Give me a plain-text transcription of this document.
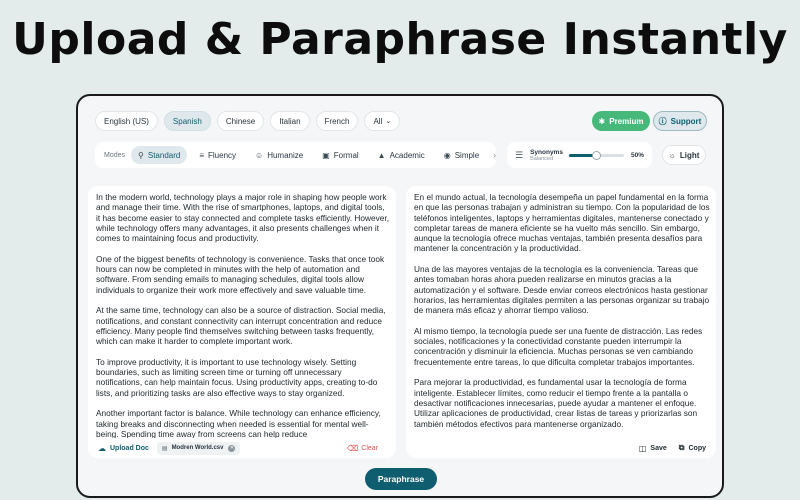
Upload & Paraphrase Instantly
English (US)	Spanish	Chinese	Italian	French	All ⌄	✱ Premium ⓘ Support
Modes ⚲ Standard ≡ Fluency ☺ Humanize ▣ Formal ▲ Academic ◉ Simple › ☰ Synonyms
Balanced	50%	☼ Light

In the modern world, technology plays a major role in shaping how people work and manage their time. With the rise of smartphones, laptops, and digital tools, it has become easier to stay connected and complete tasks efficiently. However, while technology offers many advantages, it also presents challenges when it comes to maintaining focus and productivity.

One of the biggest benefits of technology is convenience. Tasks that once took hours can now be completed in minutes with the help of automation and software. From sending emails to managing schedules, digital tools allow individuals to organize their work more effectively and save valuable time.

At the same time, technology can also be a source of distraction. Social media, notifications, and constant connectivity can interrupt concentration and reduce efficiency. Many people find themselves switching between tasks frequently, which can make it harder to complete important work.

To improve productivity, it is important to use technology wisely. Setting boundaries, such as limiting screen time or turning off unnecessary notifications, can help maintain focus. Using productivity apps, creating to-do lists, and prioritizing tasks are also effective ways to stay organized.

Another important factor is balance. While technology can enhance efficiency, taking breaks and disconnecting when needed is essential for mental well-being. Spending time away from screens can help reduce

☁ Upload Doc ▤ Modren World.csv ✕	⌫ Clear

En el mundo actual, la tecnología desempeña un papel fundamental en la forma en que las personas trabajan y administran su tiempo. Con la popularidad de los teléfonos inteligentes, laptops y herramientas digitales, mantenerse conectado y completar tareas de manera eficiente se ha vuelto más sencillo. Sin embargo, aunque la tecnología ofrece muchas ventajas, también presenta desafíos para mantener la concentración y la productividad.

Una de las mayores ventajas de la tecnología es la conveniencia. Tareas que antes tomaban horas ahora pueden realizarse en minutos gracias a la automatización y el software. Desde enviar correos electrónicos hasta gestionar horarios, las herramientas digitales permiten a las personas organizar su trabajo de manera más eficaz y ahorrar tiempo valioso.

Al mismo tiempo, la tecnología puede ser una fuente de distracción. Las redes sociales, notificaciones y la conectividad constante pueden interrumpir la concentración y disminuir la eficiencia. Muchas personas se ven cambiando frecuentemente entre tareas, lo que dificulta completar trabajos importantes.

Para mejorar la productividad, es fundamental usar la tecnología de forma inteligente. Establecer límites, como reducir el tiempo frente a la pantalla o desactivar notificaciones innecesarias, puede ayudar a mantener el enfoque. Utilizar aplicaciones de productividad, crear listas de tareas y priorizarlas son también métodos efectivos para mantenerse organizado.

◫ Save ⧉ Copy
Paraphrase
